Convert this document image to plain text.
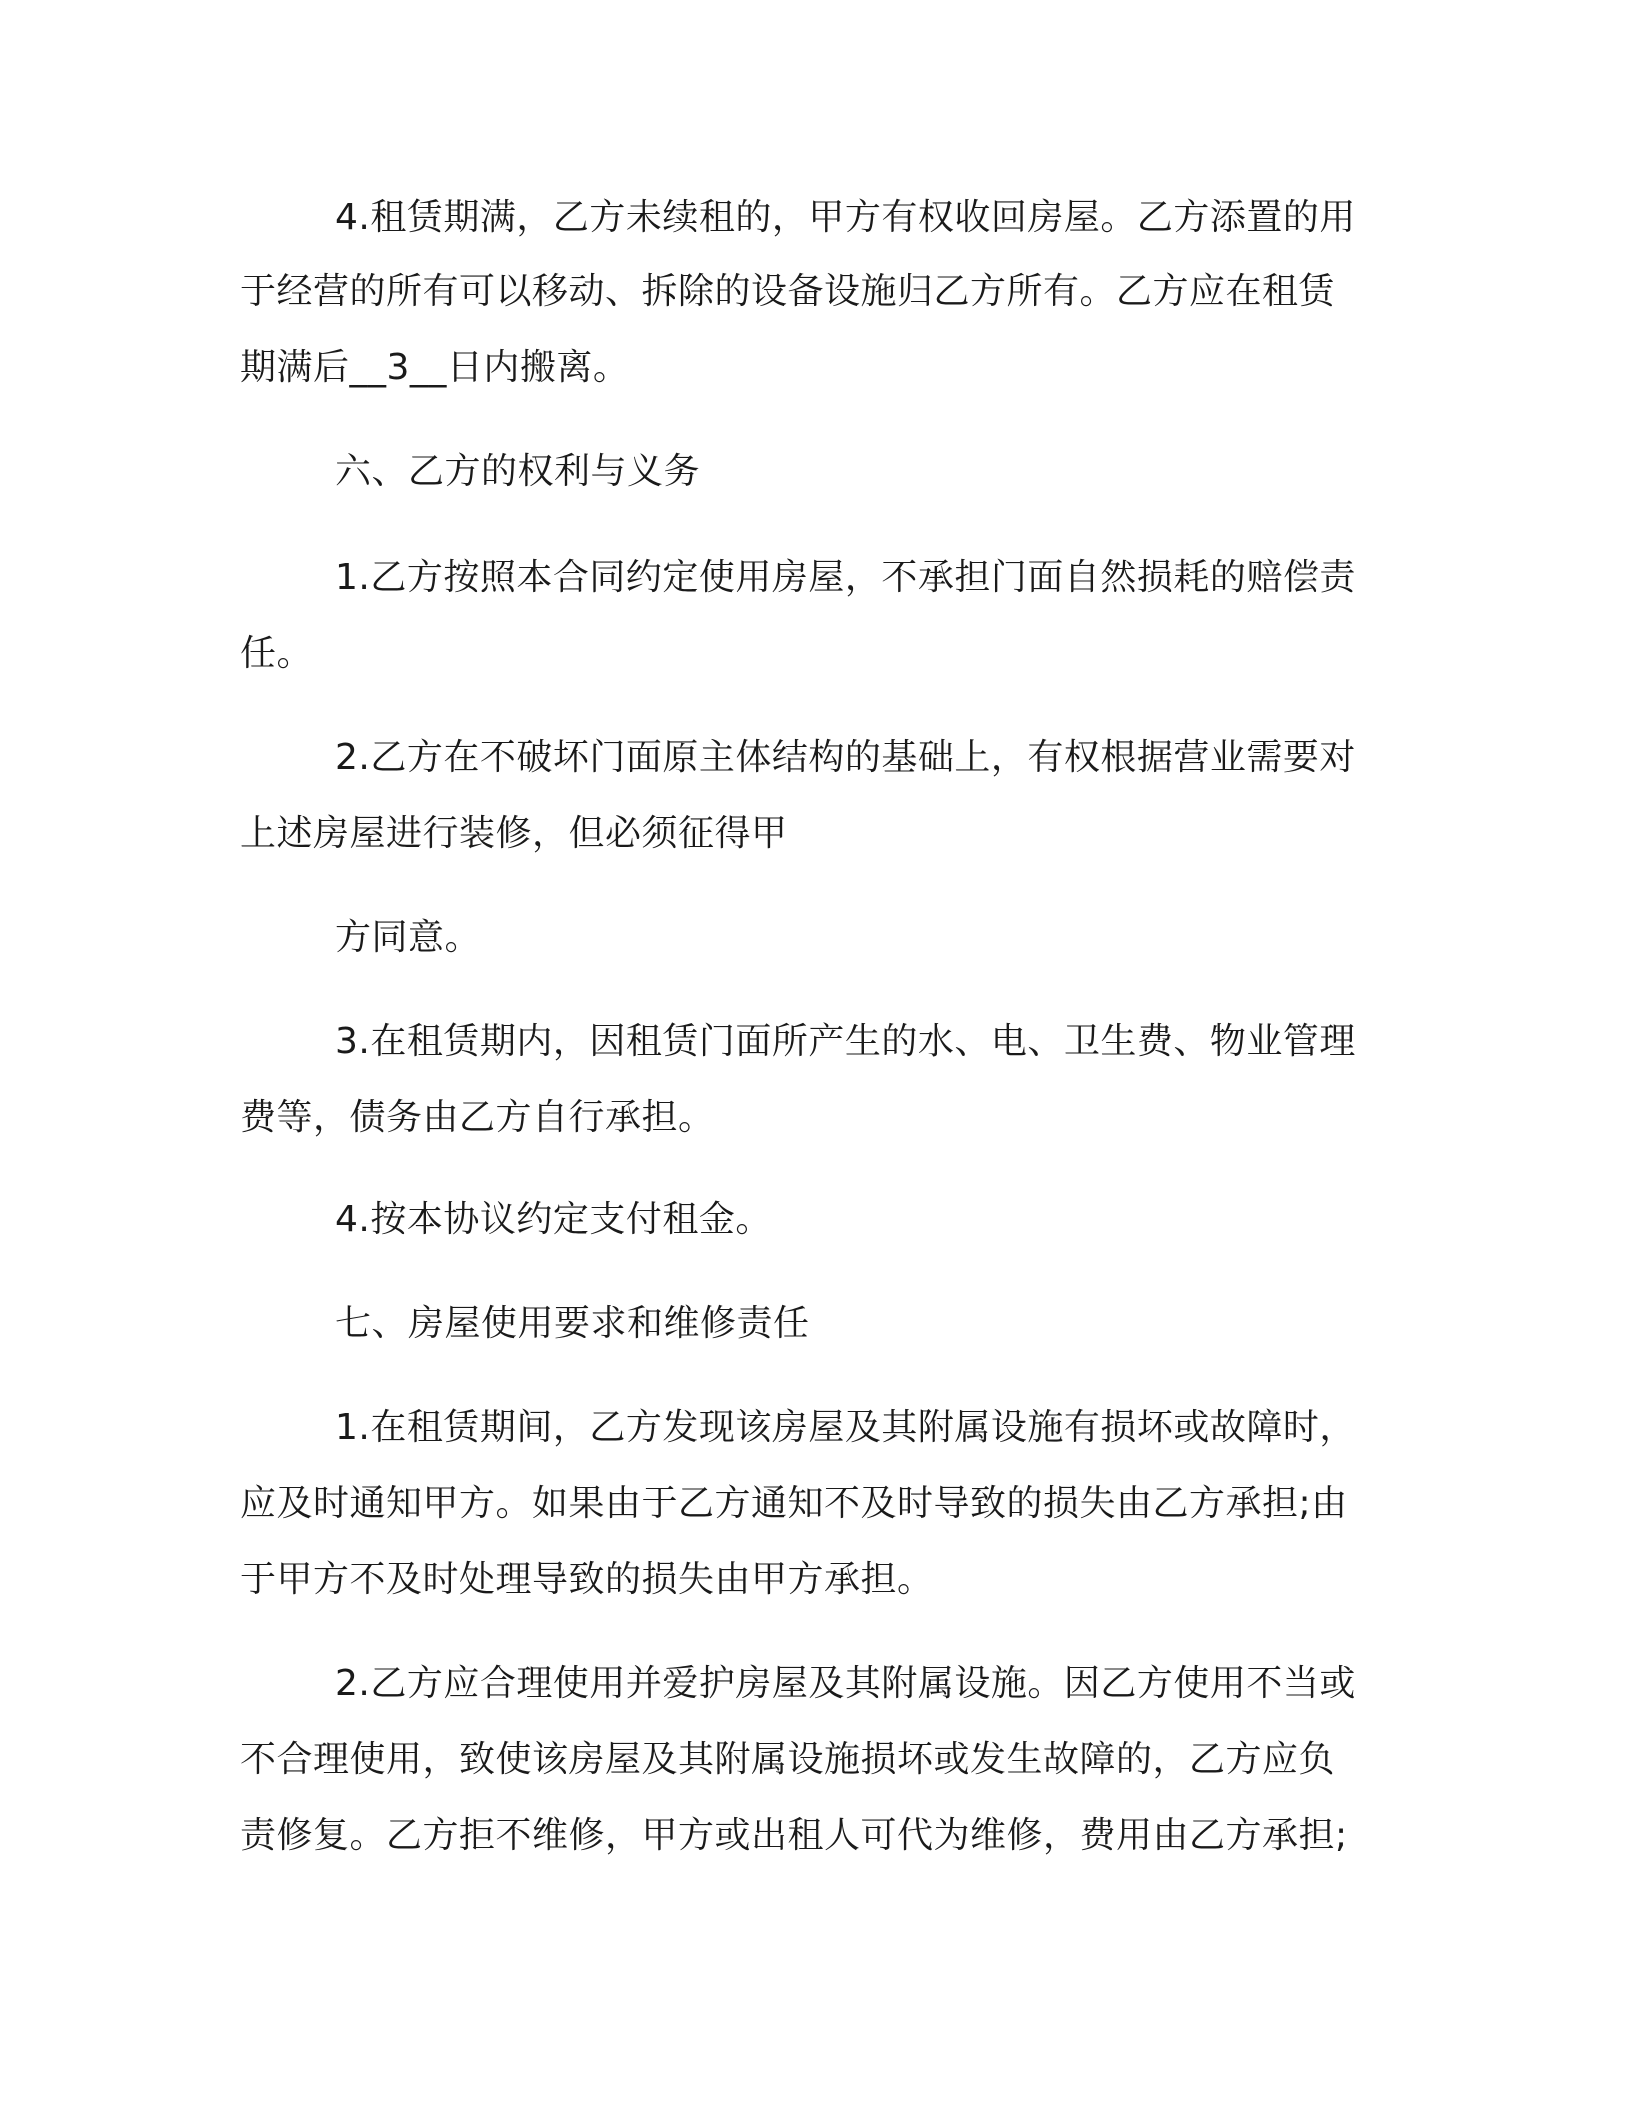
4.租赁期满，乙方未续租的，甲方有权收回房屋。乙方添置的用

于经营的所有可以移动、拆除的设备设施归乙方所有。乙方应在租赁

期满后__3__日内搬离。

六、乙方的权利与义务

1.乙方按照本合同约定使用房屋，不承担门面自然损耗的赔偿责

任。

2.乙方在不破坏门面原主体结构的基础上，有权根据营业需要对

上述房屋进行装修，但必须征得甲

方同意。

3.在租赁期内，因租赁门面所产生的水、电、卫生费、物业管理

费等，债务由乙方自行承担。

4.按本协议约定支付租金。

七、房屋使用要求和维修责任

1.在租赁期间，乙方发现该房屋及其附属设施有损坏或故障时，

应及时通知甲方。如果由于乙方通知不及时导致的损失由乙方承担;由

于甲方不及时处理导致的损失由甲方承担。

2.乙方应合理使用并爱护房屋及其附属设施。因乙方使用不当或

不合理使用，致使该房屋及其附属设施损坏或发生故障的，乙方应负

责修复。乙方拒不维修，甲方或出租人可代为维修，费用由乙方承担;
